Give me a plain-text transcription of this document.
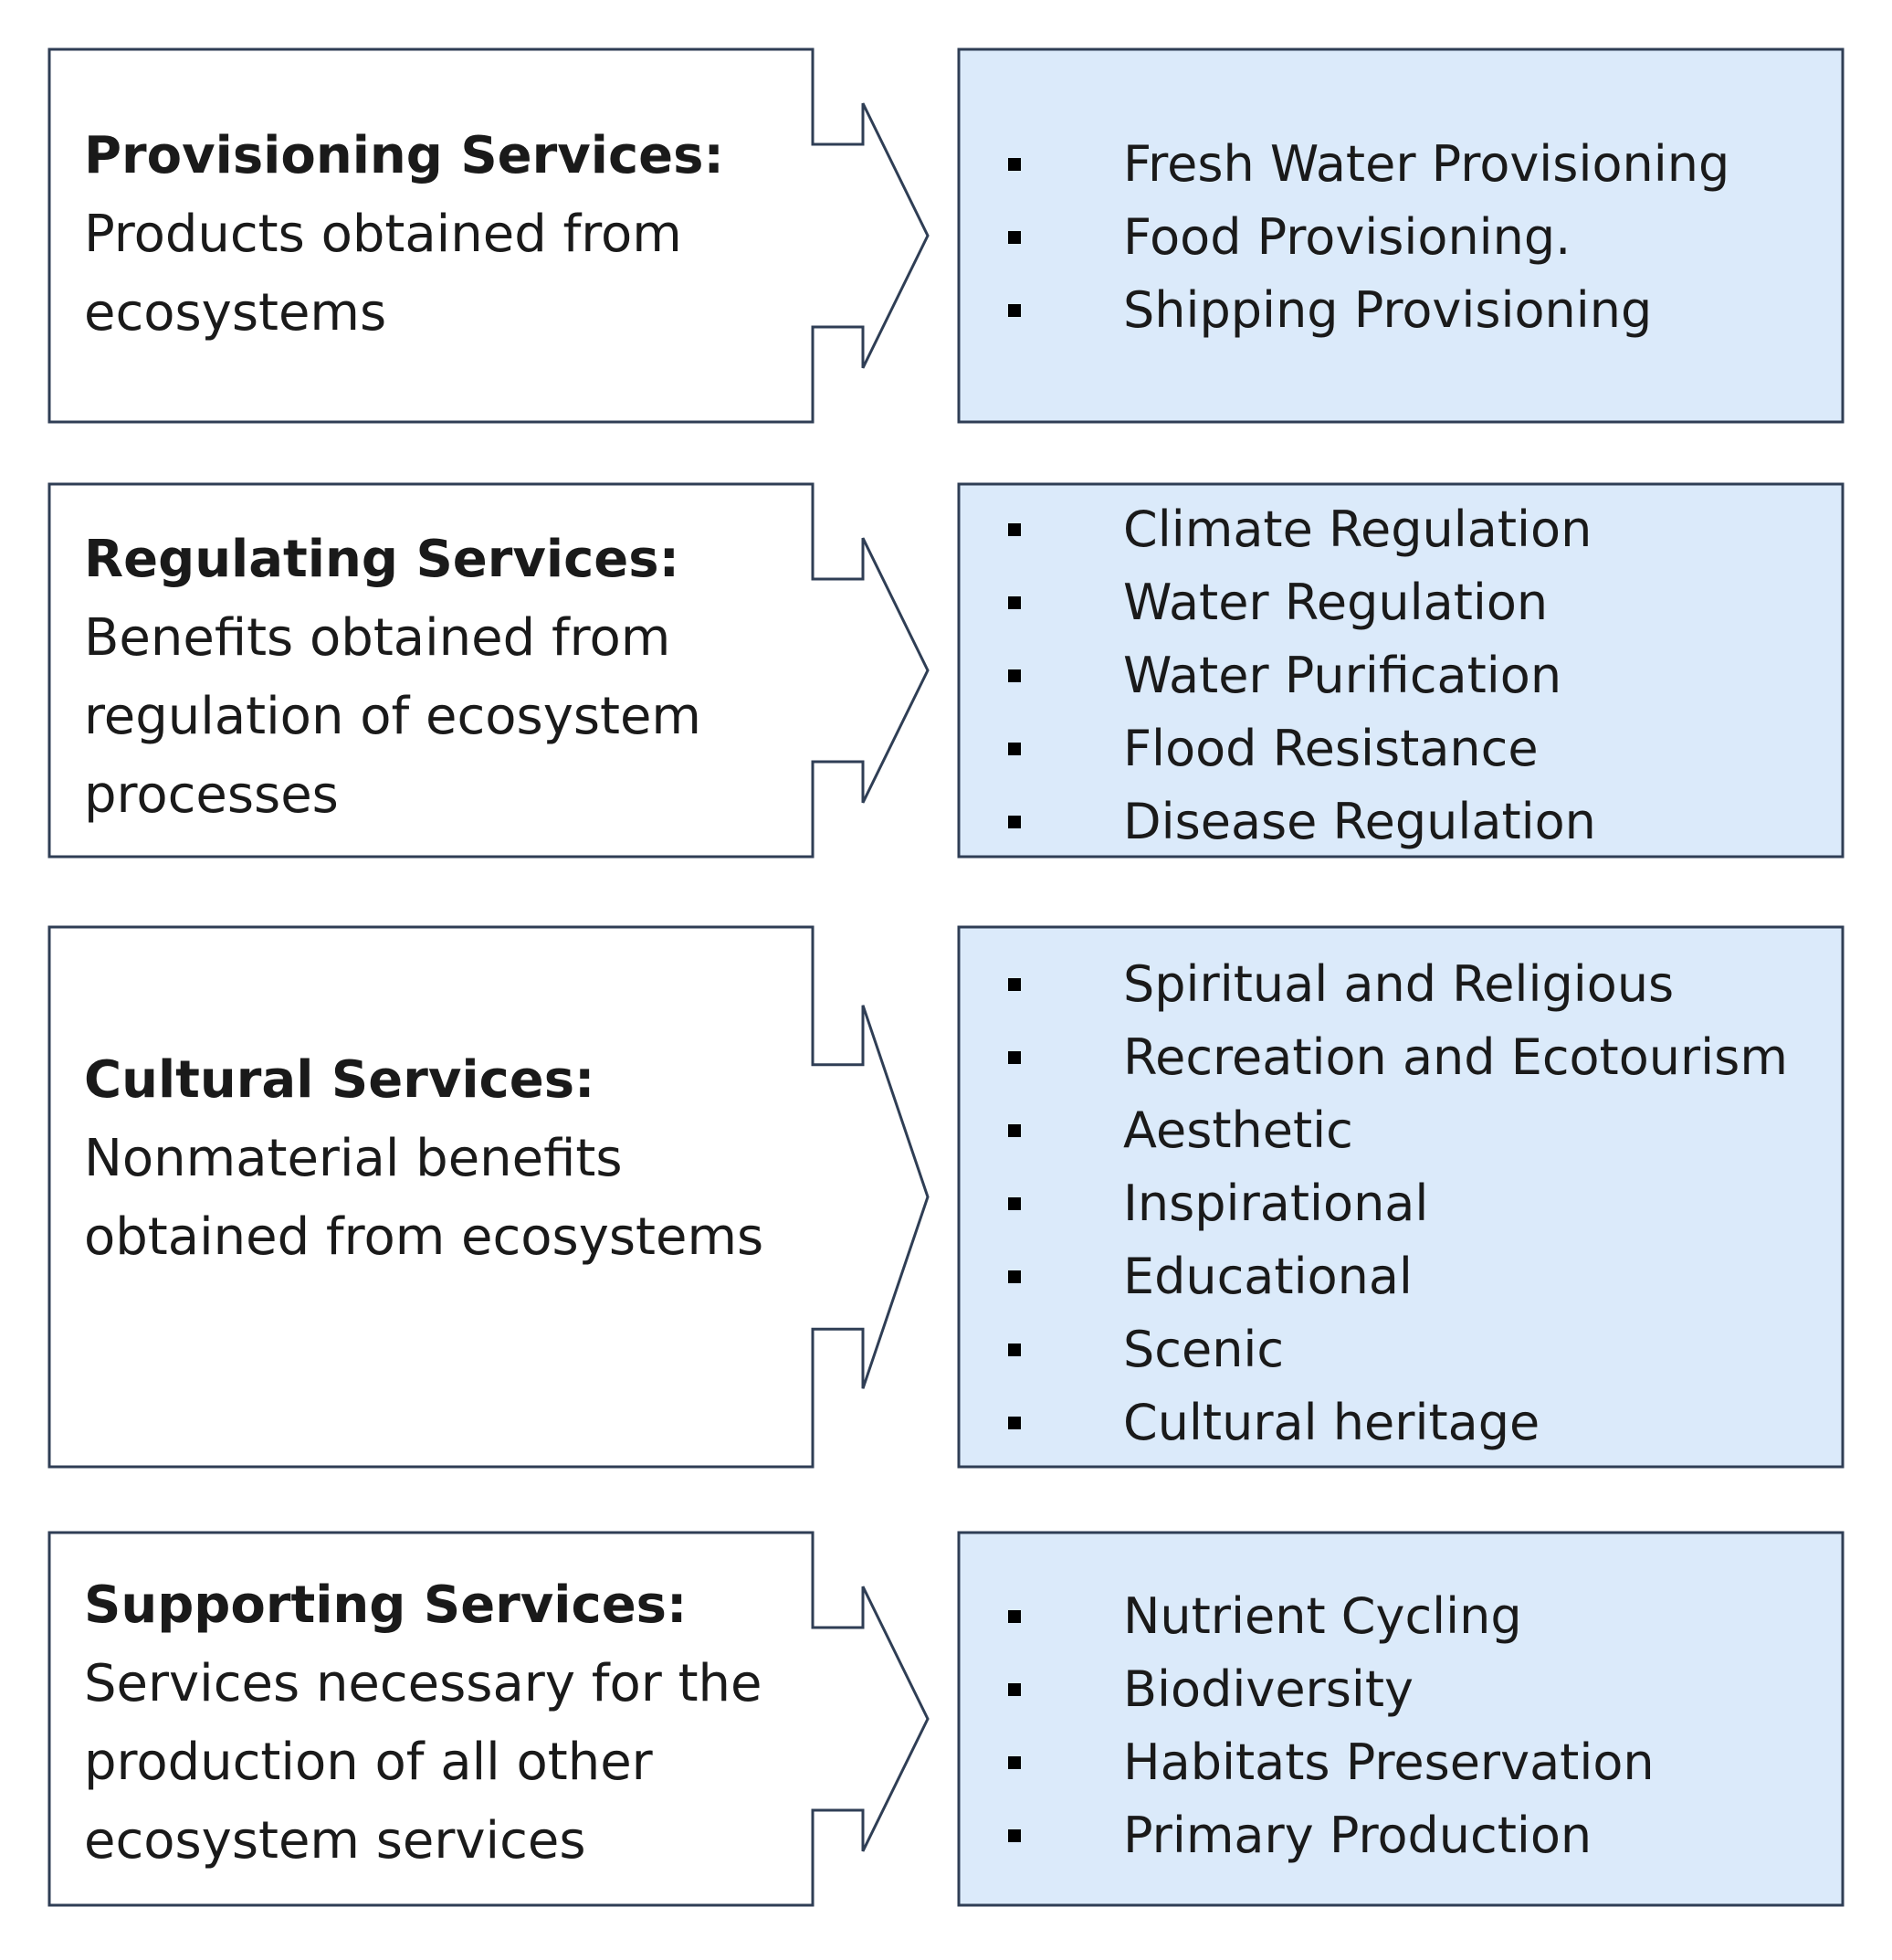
Provisioning Services:
Products obtained from ecosystems
Fresh Water Provisioning
Food Provisioning.
Shipping Provisioning
Regulating Services:
Benefits obtained from regulation of ecosystem processes
Climate Regulation
Water Regulation
Water Purification
Flood Resistance
Disease Regulation
Cultural Services:
Nonmaterial benefits obtained from ecosystems
Spiritual and Religious
Recreation and Ecotourism
Aesthetic
Inspirational
Educational
Scenic
Cultural heritage
Supporting Services:
Services necessary for the production of all other ecosystem services
Nutrient Cycling
Biodiversity
Habitats Preservation
Primary Production
